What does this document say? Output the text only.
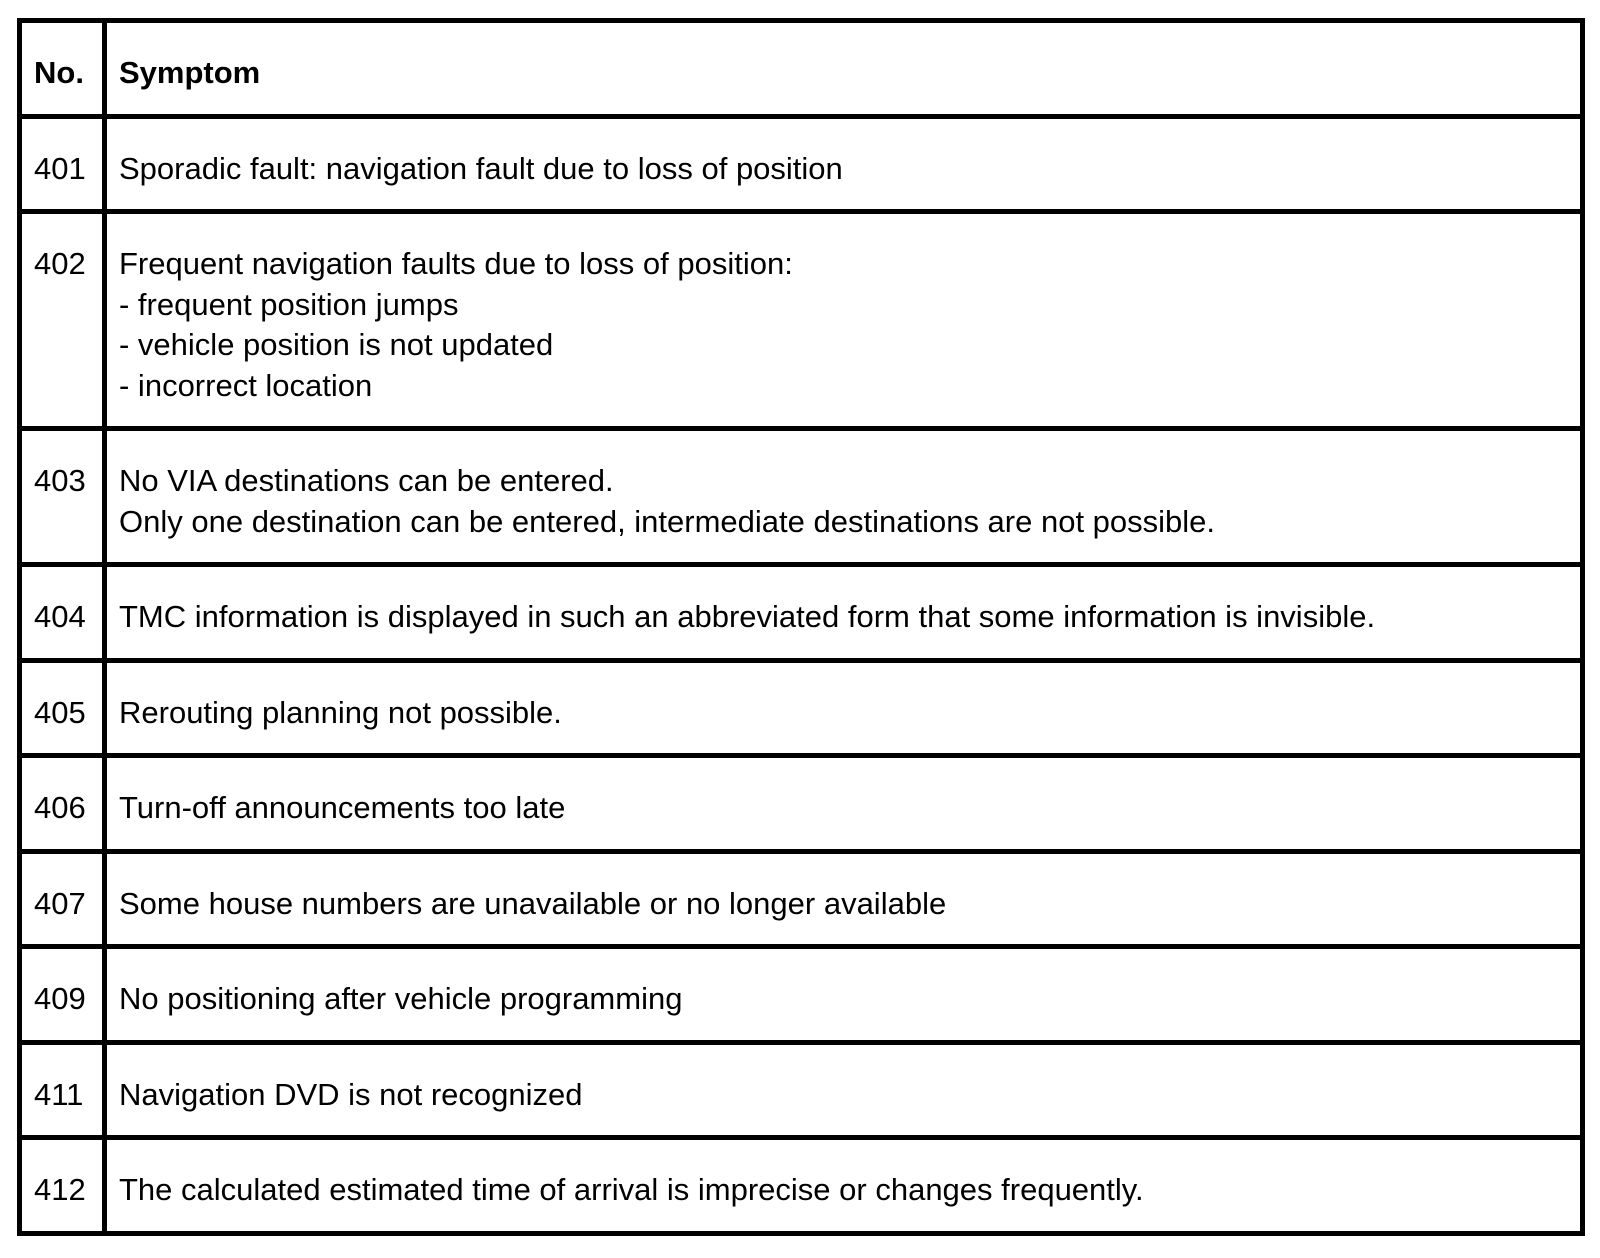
No.	Symptom
401	Sporadic fault: navigation fault due to loss of position

402	Frequent navigation faults due to loss of position:
- frequent position jumps
- vehicle position is not updated
- incorrect location

403	No VIA destinations can be entered.
Only one destination can be entered, intermediate destinations are not possible.

404	TMC information is displayed in such an abbreviated form that some information is invisible.

405	Rerouting planning not possible.

406	Turn-off announcements too late

407	Some house numbers are unavailable or no longer available

409	No positioning after vehicle programming

411	Navigation DVD is not recognized

412	The calculated estimated time of arrival is imprecise or changes frequently.
